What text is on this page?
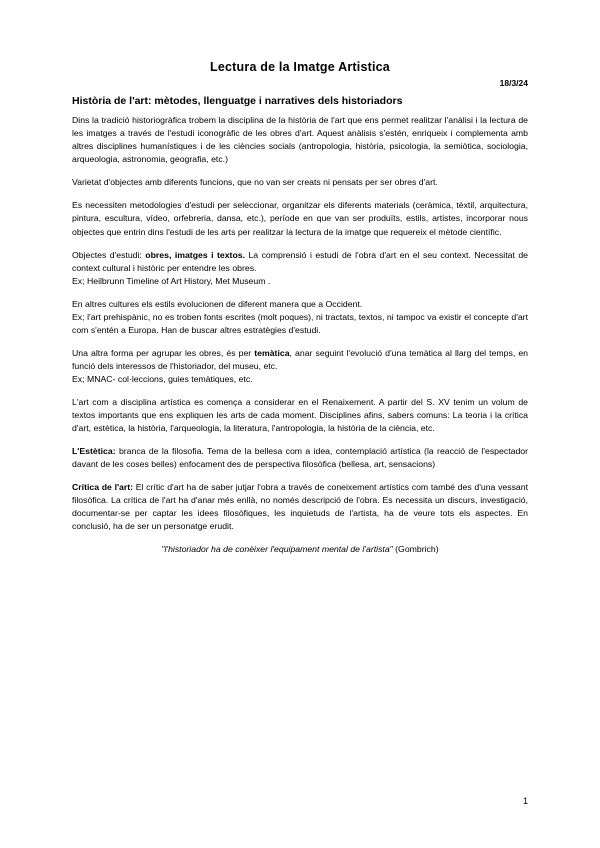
Lectura de la Imatge Artistica
18/3/24
Història de l'art: mètodes, llenguatge i narratives dels historiadors

Dins la tradició historiogràfica trobem la disciplina de la història de l'art que ens permet realitzar l'anàlisi i la lectura de les imatges a través de l'estudi iconogràfic de les obres d'art. Aquest anàlisis s'estén, enriqueix i complementa amb altres disciplines humanístiques i de les ciències socials (antropologia, història, psicologia, la semiòtica, sociologia, arqueologia, astronomia, geografia, etc.)

Varietat d'objectes amb diferents funcions, que no van ser creats ni pensats per ser obres d'art.

Es necessiten metodologies d'estudi per seleccionar, organitzar els diferents materials (ceràmica, tèxtil, arquitectura, pintura, escultura, vídeo, orfebreria, dansa, etc.), període en que van ser produïts, estils, artistes, incorporar nous objectes que entrin dins l'estudi de les arts per realitzar la lectura de la imatge que requereix el mètode científic.

Objectes d'estudi: obres, imatges i textos. La comprensió i estudi de l'obra d'art en el seu context. Necessitat de context cultural i històric per entendre les obres.

Ex; Heilbrunn Timeline of Art History, Met Museum .

En altres cultures els estils evolucionen de diferent manera que a Occident.

Ex; l'art prehispànic, no es troben fonts escrites (molt poques), ni tractats, textos, ni tampoc va existir el concepte d'art com s'entén a Europa. Han de buscar altres estratègies d'estudi.

Una altra forma per agrupar les obres, és per temàtica, anar seguint l'evolució d'una temàtica al llarg del temps, en funció dels interessos de l'historiador, del museu, etc.

Ex; MNAC- col·leccions, guies temàtiques, etc.

L'art com a disciplina artística es comença a considerar en el Renaixement. A partir del S. XV tenim un volum de textos importants que ens expliquen les arts de cada moment. Disciplines afins, sabers comuns: La teoria i la crítica d'art, estètica, la història, l'arqueologia, la literatura, l'antropologia, la història de la ciència, etc.

L'Estètica: branca de la filosofia. Tema de la bellesa com a idea, contemplació artística (la reacció de l'espectador davant de les coses belles) enfocament des de perspectiva filosòfica (bellesa, art, sensacions)

Crítica de l'art: El crític d'art ha de saber jutjar l'obra a través de coneixement artístics com també des d'una vessant filosòfica. La crítica de l'art ha d'anar més enllà, no només descripció de l'obra. Es necessita un discurs, investigació, documentar-se per captar les idees filosòfiques, les inquietuds de l'artista, ha de veure tots els aspectes. En conclusió, ha de ser un personatge erudit.

"l'historiador ha de conèixer l'equipament mental de l'artista" (Gombrich)

1
